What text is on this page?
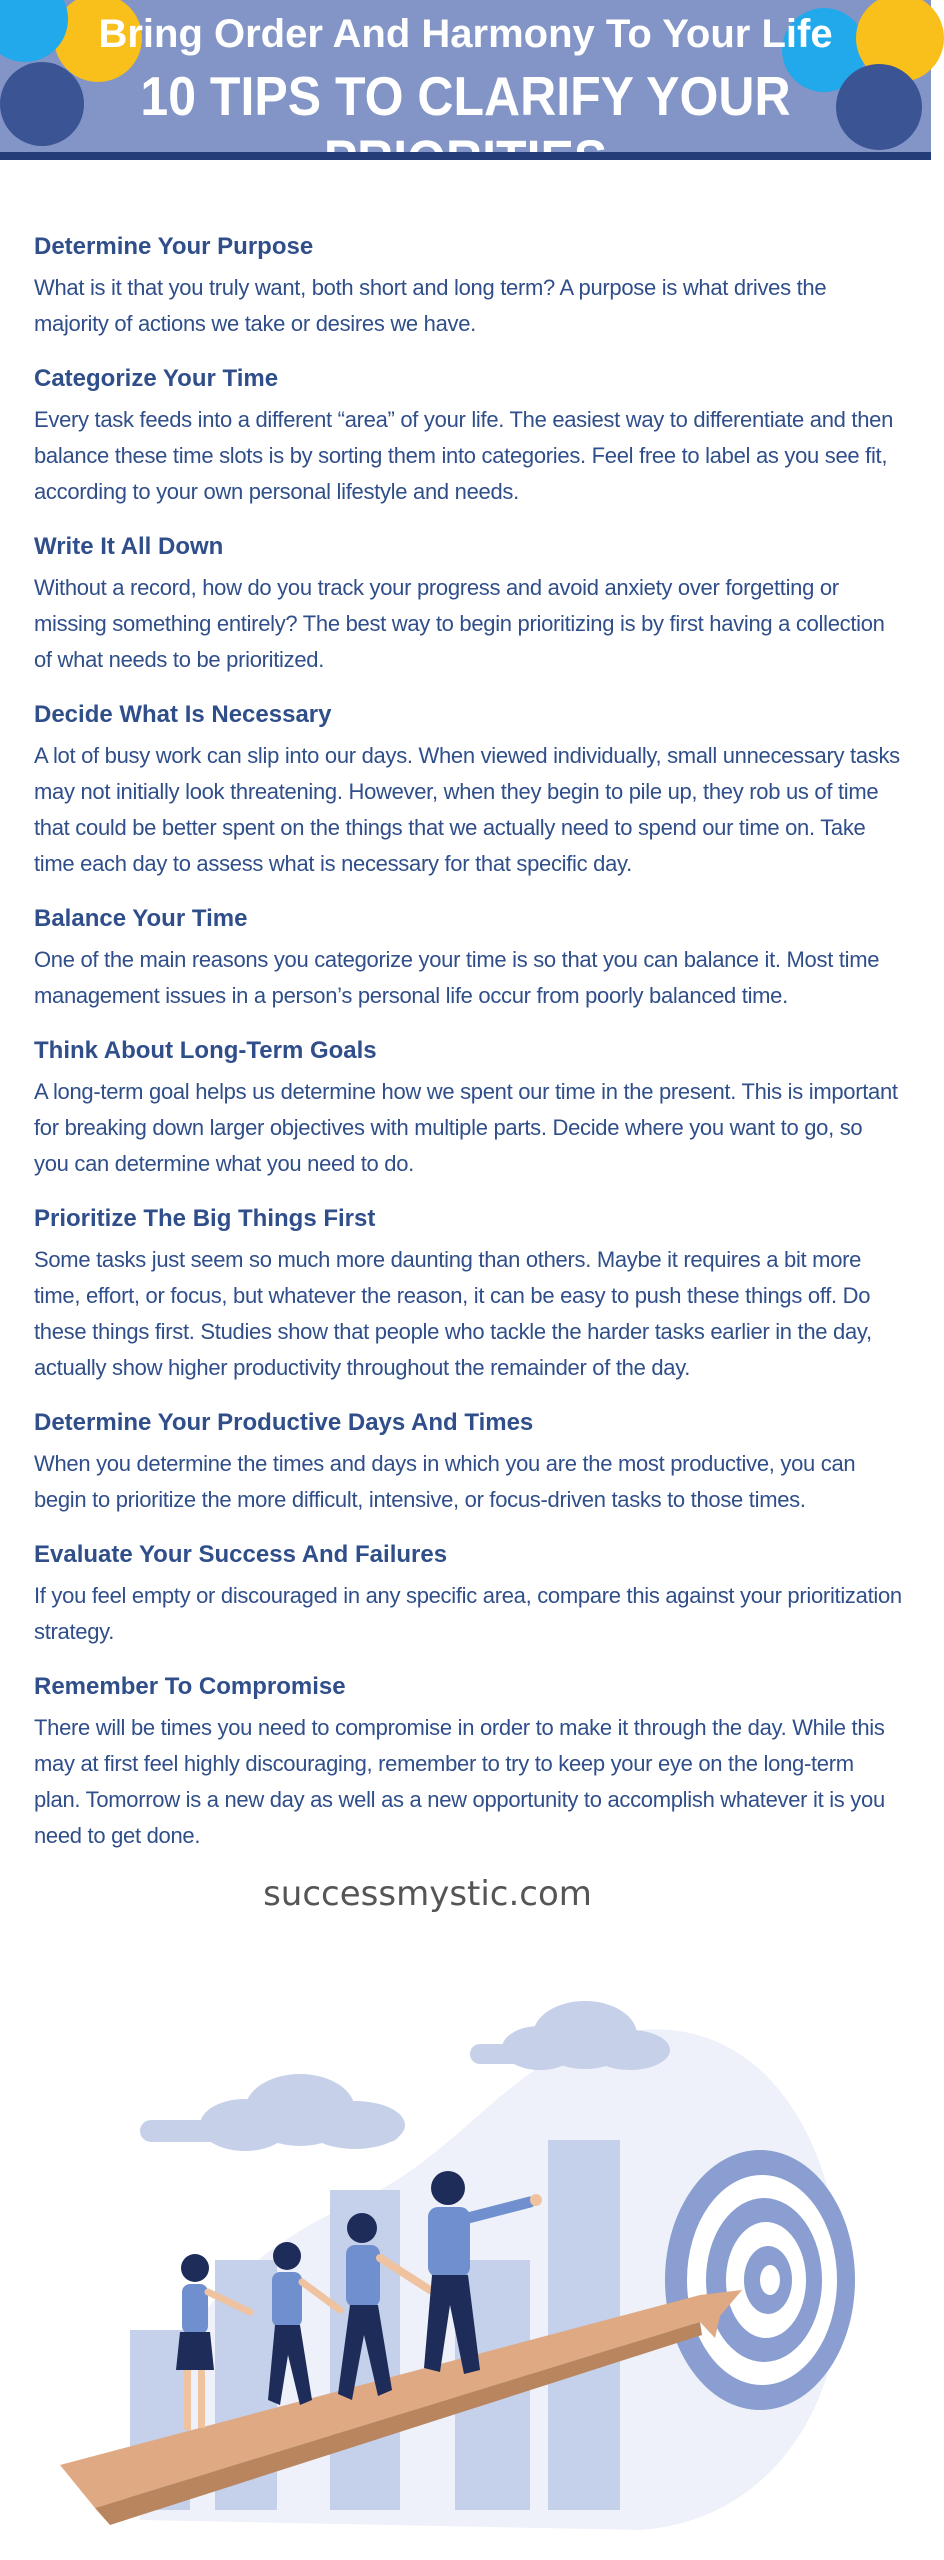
Bring Order And Harmony To Your Life
10 TIPS TO CLARIFY YOUR
Determine Your Purpose

What is it that you truly want, both short and long term? A purpose is what drives the majority of actions we take or desires we have.

Categorize Your Time

Every task feeds into a different “area” of your life. The easiest way to differentiate and then balance these time slots is by sorting them into categories. Feel free to label as you see fit, according to your own personal lifestyle and needs.

Write It All Down

Without a record, how do you track your progress and avoid anxiety over forgetting or missing something entirely? The best way to begin prioritizing is by first having a collection of what needs to be prioritized.

Decide What Is Necessary

A lot of busy work can slip into our days. When viewed individually, small unnecessary tasks may not initially look threatening. However, when they begin to pile up, they rob us of time that could be better spent on the things that we actually need to spend our time on. Take time each day to assess what is necessary for that specific day.

Balance Your Time

One of the main reasons you categorize your time is so that you can balance it. Most time management issues in a person’s personal life occur from poorly balanced time.

Think About Long-Term Goals

A long-term goal helps us determine how we spent our time in the present. This is important for breaking down larger objectives with multiple parts. Decide where you want to go, so you can determine what you need to do.

Prioritize The Big Things First

Some tasks just seem so much more daunting than others. Maybe it requires a bit more time, effort, or focus, but whatever the reason, it can be easy to push these things off. Do these things first. Studies show that people who tackle the harder tasks earlier in the day, actually show higher productivity throughout the remainder of the day.

Determine Your Productive Days And Times

When you determine the times and days in which you are the most productive, you can begin to prioritize the more difficult, intensive, or focus-driven tasks to those times.

Evaluate Your Success And Failures

If you feel empty or discouraged in any specific area, compare this against your prioritization strategy.

Remember To Compromise

There will be times you need to compromise in order to make it through the day. While this may at first feel highly discouraging, remember to try to keep your eye on the long-term plan. Tomorrow is a new day as well as a new opportunity to accomplish whatever it is you need to get done.

successmystic.com
